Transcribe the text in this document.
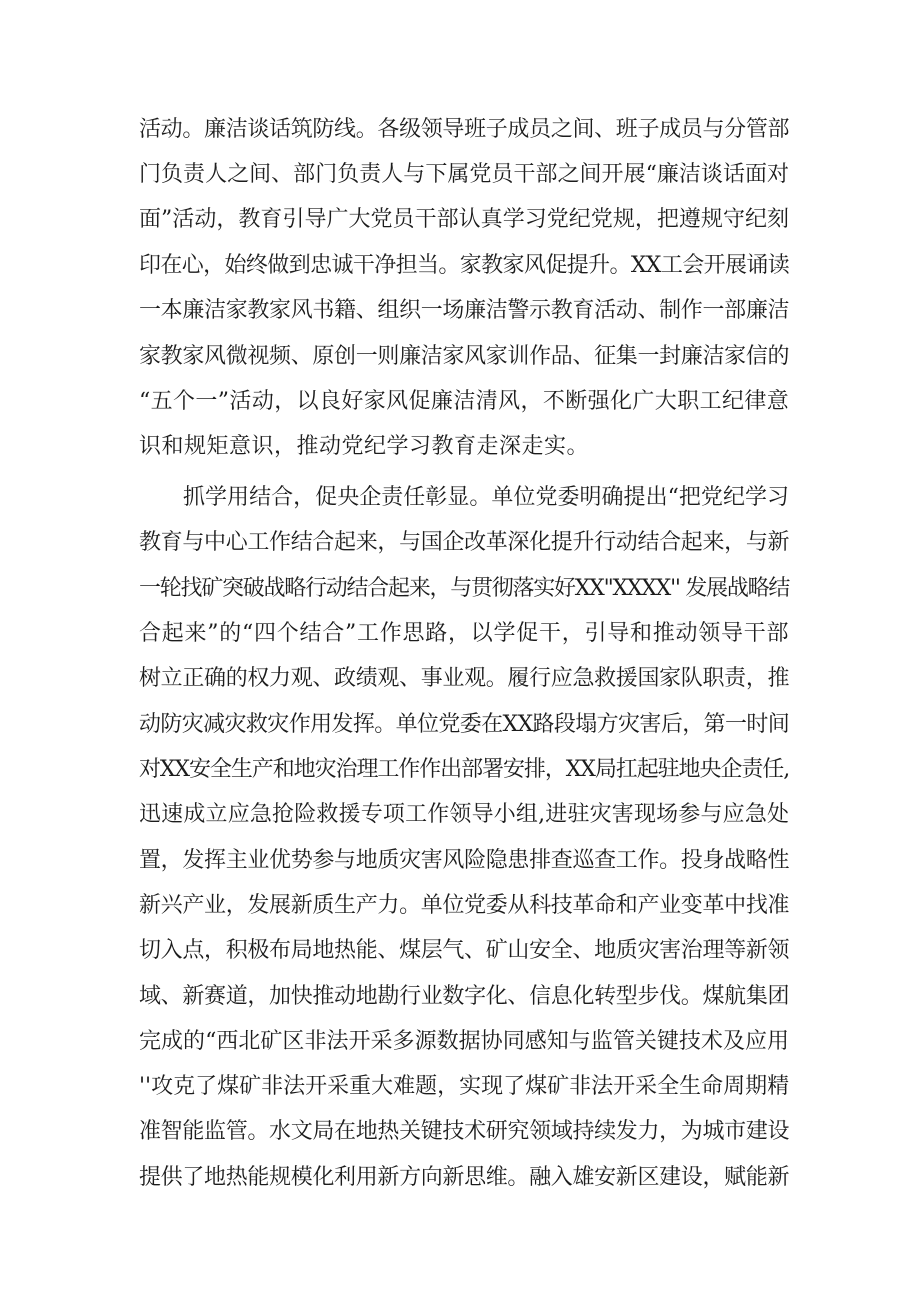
活动。廉洁谈话筑防线。各级领导班子成员之间、班子成员与分管部
门负责人之间、部门负责人与下属党员干部之间开展“廉洁谈话面对
面”活动，教育引导广大党员干部认真学习党纪党规，把遵规守纪刻
印在心，始终做到忠诚干净担当。家教家风促提升。XX工会开展诵读
一本廉洁家教家风书籍、组织一场廉洁警示教育活动、制作一部廉洁
家教家风微视频、原创一则廉洁家风家训作品、征集一封廉洁家信的
“五个一”活动，以良好家风促廉洁清风，不断强化广大职工纪律意
识和规矩意识，推动党纪学习教育走深走实。
抓学用结合，促央企责任彰显。单位党委明确提出“把党纪学习
教育与中心工作结合起来，与国企改革深化提升行动结合起来，与新
一轮找矿突破战略行动结合起来，与贯彻落实好XX"XXXX'' 发展战略结
合起来”的“四个结合”工作思路，以学促干，引导和推动领导干部
树立正确的权力观、政绩观、事业观。履行应急救援国家队职责，推
动防灾减灾救灾作用发挥。单位党委在XX路段塌方灾害后，第一时间
对XX安全生产和地灾治理工作作出部署安排，XX局扛起驻地央企责任,
迅速成立应急抢险救援专项工作领导小组,进驻灾害现场参与应急处
置，发挥主业优势参与地质灾害风险隐患排查巡查工作。投身战略性
新兴产业，发展新质生产力。单位党委从科技革命和产业变革中找准
切入点，积极布局地热能、煤层气、矿山安全、地质灾害治理等新领
域、新赛道，加快推动地勘行业数字化、信息化转型步伐。煤航集团
完成的“西北矿区非法开采多源数据协同感知与监管关键技术及应用
''攻克了煤矿非法开采重大难题，实现了煤矿非法开采全生命周期精
准智能监管。水文局在地热关键技术研究领域持续发力，为城市建设
提供了地热能规模化利用新方向新思维。融入雄安新区建设，赋能新
